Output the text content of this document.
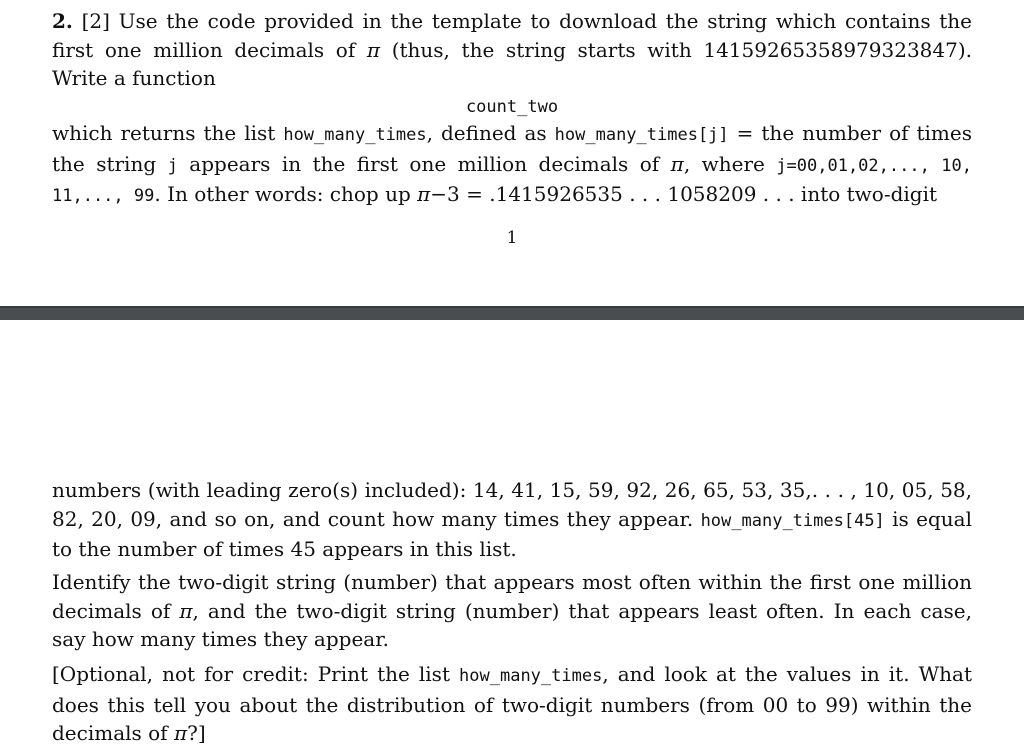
2. [2] Use the code provided in the template to download the string which contains the first one million decimals of π (thus, the string starts with 14159265358979323847). Write a function

count_two

which returns the list how_many_times, defined as how_many_times[j] = the number of times the string j appears in the first one million decimals of π, where j=00,01,02,..., 10, 11,..., 99. In other words: chop up π−3 = .1415926535 . . . 1058209 . . . into two-digit

1

numbers (with leading zero(s) included): 14, 41, 15, 59, 92, 26, 65, 53, 35,. . . , 10, 05, 58, 82, 20, 09, and so on, and count how many times they appear. how_many_times[45] is equal to the number of times 45 appears in this list.

Identify the two-digit string (number) that appears most often within the first one million decimals of π, and the two-digit string (number) that appears least often. In each case, say how many times they appear.

[Optional, not for credit: Print the list how_many_times, and look at the values in it. What does this tell you about the distribution of two-digit numbers (from 00 to 99) within the decimals of π?]
